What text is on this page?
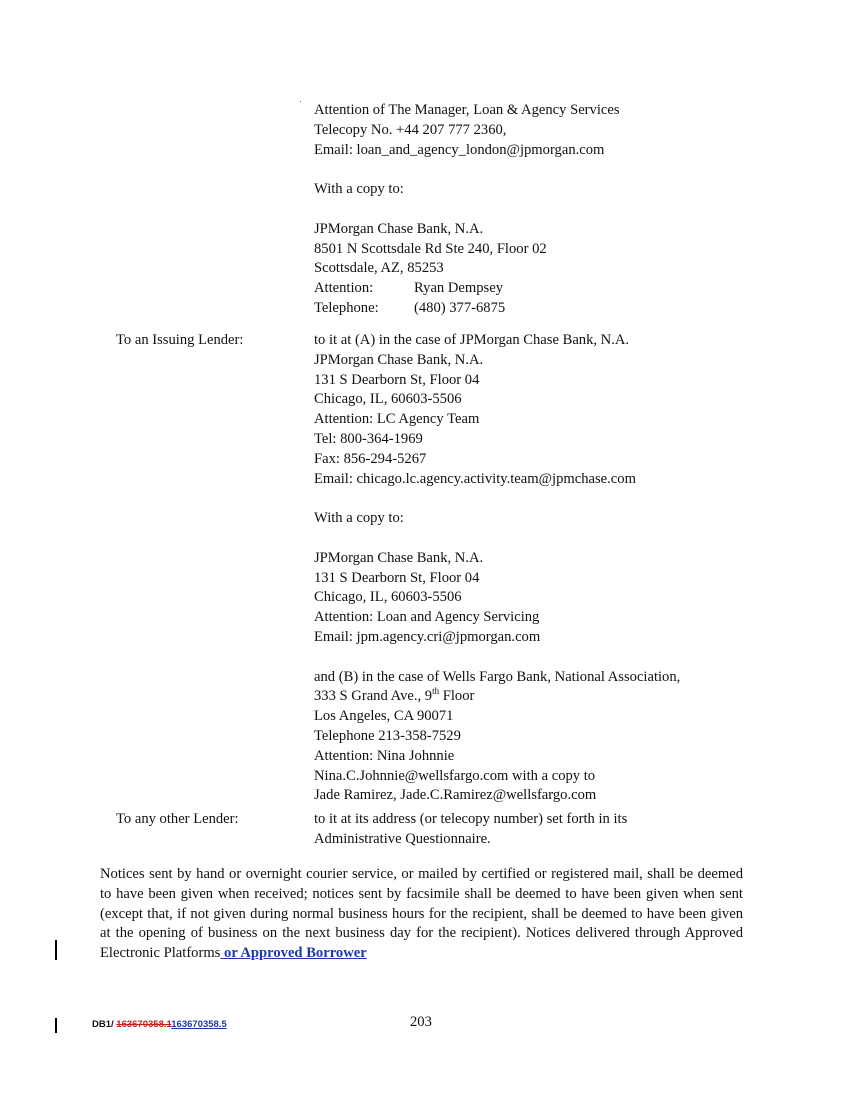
Attention of The Manager, Loan & Agency Services
Telecopy No. +44 207 777 2360,
Email: loan_and_agency_london@jpmorgan.com
With a copy to:
JPMorgan Chase Bank, N.A.
8501 N Scottsdale Rd Ste 240, Floor 02
Scottsdale, AZ, 85253
Attention:	Ryan Dempsey
Telephone: (480) 377-6875
To an Issuing Lender:	to it at (A) in the case of JPMorgan Chase Bank, N.A.
JPMorgan Chase Bank, N.A.
131 S Dearborn St, Floor 04
Chicago, IL, 60603-5506
Attention: LC Agency Team
Tel: 800-364-1969
Fax: 856-294-5267
Email: chicago.lc.agency.activity.team@jpmchase.com
With a copy to:
JPMorgan Chase Bank, N.A.
131 S Dearborn St, Floor 04
Chicago, IL, 60603-5506
Attention: Loan and Agency Servicing
Email: jpm.agency.cri@jpmorgan.com
and (B) in the case of Wells Fargo Bank, National Association,
333 S Grand Ave., 9th Floor
Los Angeles, CA 90071
Telephone 213-358-7529
Attention: Nina Johnnie
Nina.C.Johnnie@wellsfargo.com with a copy to
Jade Ramirez, Jade.C.Ramirez@wellsfargo.com
To any other Lender:	to it at its address (or telecopy number) set forth in its
Administrative Questionnaire.
Notices sent by hand or overnight courier service, or mailed by certified or registered mail, shall be deemed to have been given when received; notices sent by facsimile shall be deemed to have been given when sent (except that, if not given during normal business hours for the recipient, shall be deemed to have been given at the opening of business on the next business day for the recipient). Notices delivered through Approved Electronic Platforms or Approved Borrower
DB1/ 163670358.1163670358.5	203
